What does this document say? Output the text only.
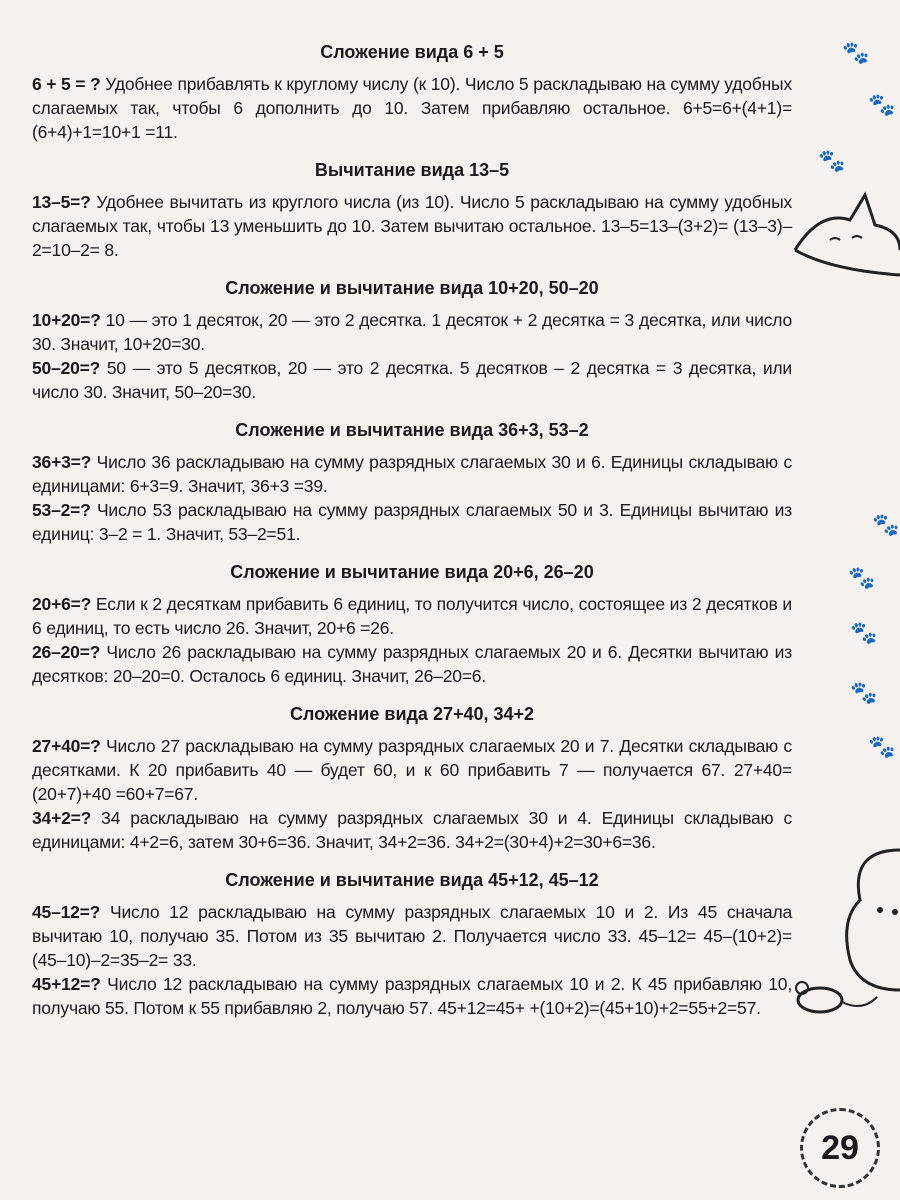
🐾
🐾
🐾
🐾
🐾
🐾
🐾
🐾
Сложение вида 6 + 5

6 + 5 = ? Удобнее прибавлять к круглому числу (к 10). Число 5 раскладываю на сумму удобных слагаемых так, чтобы 6 дополнить до 10. Затем прибавляю остальное. 6+5=6+(4+1)=(6+4)+1=10+1 =11.

Вычитание вида 13–5

13–5=? Удобнее вычитать из круглого числа (из 10). Число 5 раскладываю на сумму удобных слагаемых так, чтобы 13 уменьшить до 10. Затем вычитаю остальное. 13–5=13–(3+2)= (13–3)–2=10–2= 8.

Сложение и вычитание вида 10+20, 50–20

10+20=? 10 — это 1 десяток, 20 — это 2 десятка. 1 десяток + 2 десятка = 3 десятка, или число 30. Значит, 10+20=30.

50–20=? 50 — это 5 десятков, 20 — это 2 десятка. 5 десятков – 2 десятка = 3 десятка, или число 30. Значит, 50–20=30.

Сложение и вычитание вида 36+3, 53–2

36+3=? Число 36 раскладываю на сумму разрядных слагаемых 30 и 6. Единицы складываю с единицами: 6+3=9. Значит, 36+3 =39.

53–2=? Число 53 раскладываю на сумму разрядных слагаемых 50 и 3. Единицы вычитаю из единиц: 3–2 = 1. Значит, 53–2=51.

Сложение и вычитание вида 20+6, 26–20

20+6=? Если к 2 десяткам прибавить 6 единиц, то получится число, состоящее из 2 десятков и 6 единиц, то есть число 26. Значит, 20+6 =26.

26–20=? Число 26 раскладываю на сумму разрядных слагаемых 20 и 6. Десятки вычитаю из десятков: 20–20=0. Осталось 6 единиц. Значит, 26–20=6.

Сложение вида 27+40, 34+2

27+40=? Число 27 раскладываю на сумму разрядных слагаемых 20 и 7. Десятки складываю с десятками. К 20 прибавить 40 — будет 60, и к 60 прибавить 7 — получается 67. 27+40=(20+7)+40 =60+7=67.

34+2=? 34 раскладываю на сумму разрядных слагаемых 30 и 4. Единицы складываю с единицами: 4+2=6, затем 30+6=36. Значит, 34+2=36. 34+2=(30+4)+2=30+6=36.

Сложение и вычитание вида 45+12, 45–12

45–12=? Число 12 раскладываю на сумму разрядных слагаемых 10 и 2. Из 45 сначала вычитаю 10, получаю 35. Потом из 35 вычитаю 2. Получается число 33. 45–12= 45–(10+2)=(45–10)–2=35–2= 33.

45+12=? Число 12 раскладываю на сумму разрядных слагаемых 10 и 2. К 45 прибавляю 10, получаю 55. Потом к 55 прибавляю 2, получаю 57. 45+12=45+ +(10+2)=(45+10)+2=55+2=57.

29
